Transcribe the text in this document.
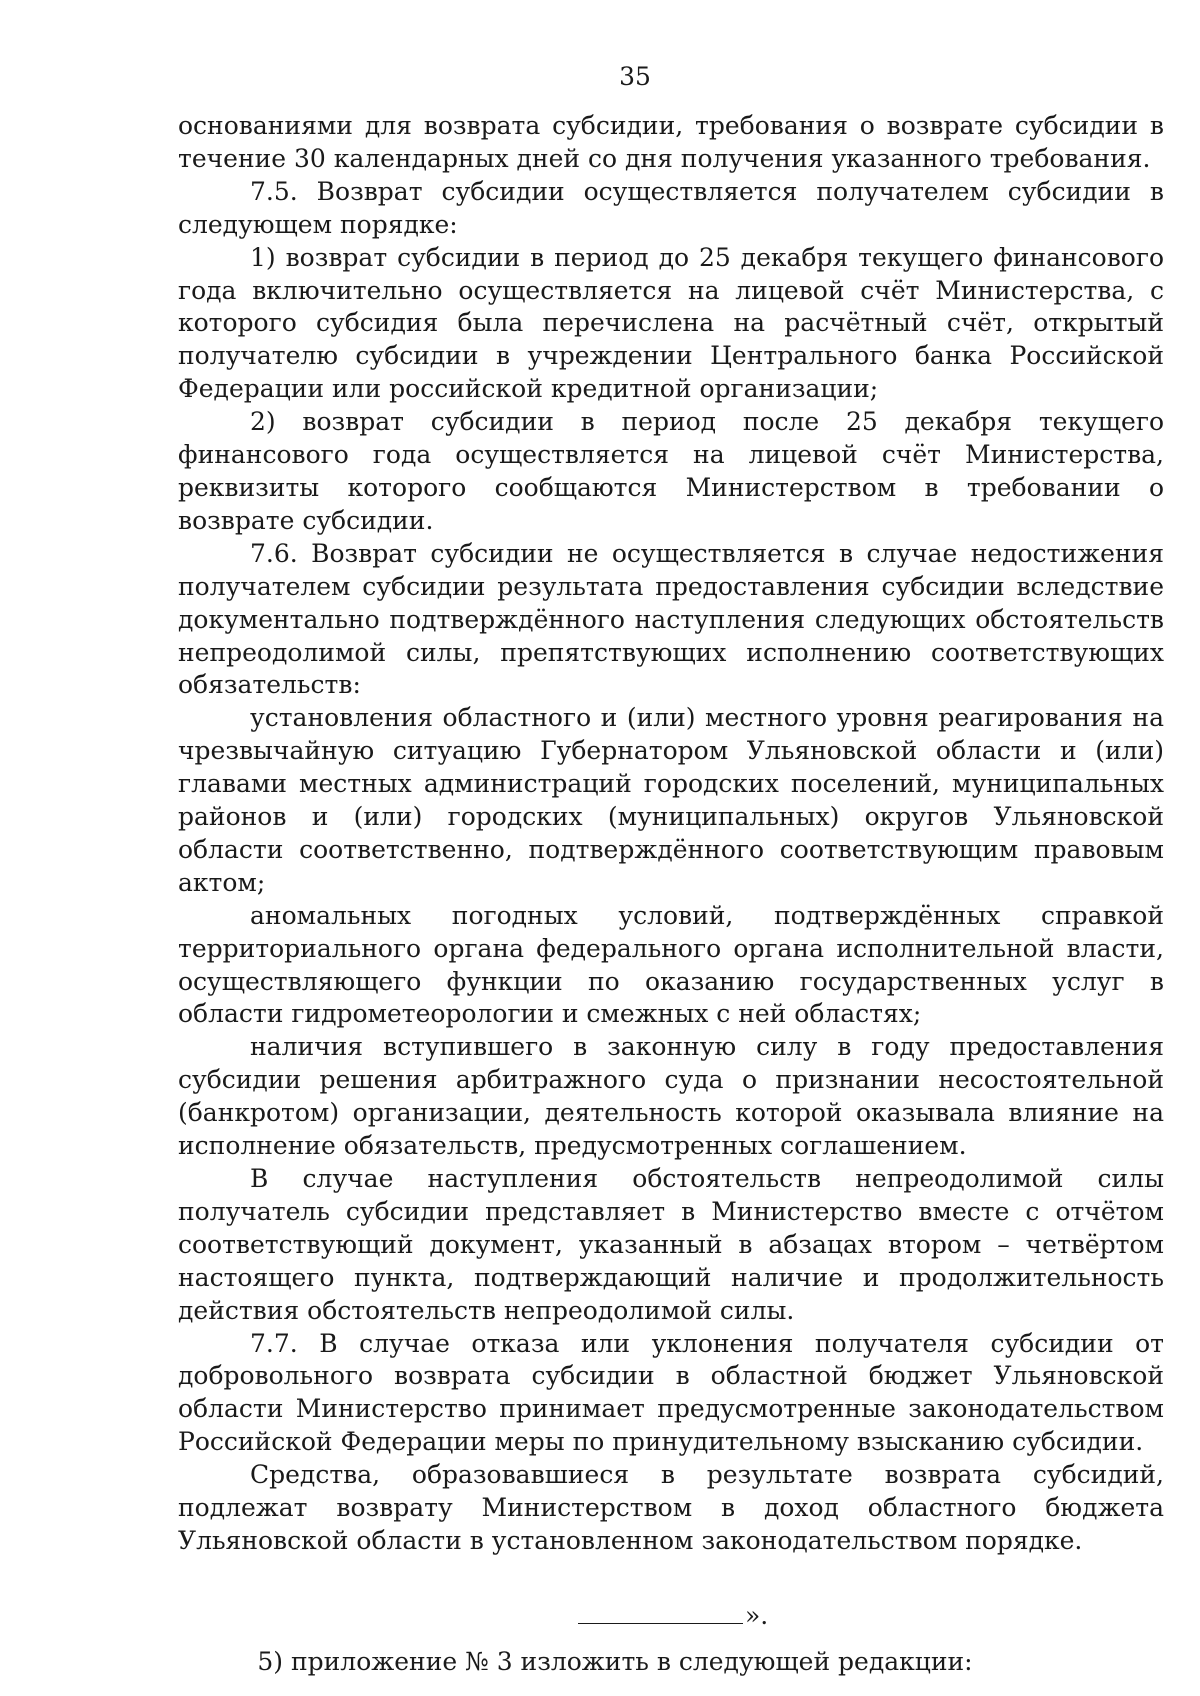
35

основаниями для возврата субсидии, требования о возврате субсидии в течение 30 календарных дней со дня получения указанного требования.

7.5. Возврат субсидии осуществляется получателем субсидии в следующем порядке:

1) возврат субсидии в период до 25 декабря текущего финансового года включительно осуществляется на лицевой счёт Министерства, с которого субсидия была перечислена на расчётный счёт, открытый получателю субсидии в учреждении Центрального банка Российской Федерации или российской кредитной организации;

2) возврат субсидии в период после 25 декабря текущего финансового года осуществляется на лицевой счёт Министерства, реквизиты которого сообщаются Министерством в требовании о возврате субсидии.

7.6. Возврат субсидии не осуществляется в случае недостижения получателем субсидии результата предоставления субсидии вследствие документально подтверждённого наступления следующих обстоятельств непреодолимой силы, препятствующих исполнению соответствующих обязательств:

установления областного и (или) местного уровня реагирования на чрезвычайную ситуацию Губернатором Ульяновской области и (или) главами местных администраций городских поселений, муниципальных районов и (или) городских (муниципальных) округов Ульяновской области соответственно, подтверждённого соответствующим правовым актом;

аномальных погодных условий, подтверждённых справкой территориального органа федерального органа исполнительной власти, осуществляющего функции по оказанию государственных услуг в области гидрометеорологии и смежных с ней областях;

наличия вступившего в законную силу в году предоставления субсидии решения арбитражного суда о признании несостоятельной (банкротом) организации, деятельность которой оказывала влияние на исполнение обязательств, предусмотренных соглашением.

В случае наступления обстоятельств непреодолимой силы получатель субсидии представляет в Министерство вместе с отчётом соответствующий документ, указанный в абзацах втором – четвёртом настоящего пункта, подтверждающий наличие и продолжительность действия обстоятельств непреодолимой силы.

7.7. В случае отказа или уклонения получателя субсидии от добровольного возврата субсидии в областной бюджет Ульяновской области Министерство принимает предусмотренные законодательством Российской Федерации меры по принудительному взысканию субсидии.

Средства, образовавшиеся в результате возврата субсидий, подлежат возврату Министерством в доход областного бюджета Ульяновской области в установленном законодательством порядке.

».
5) приложение № 3 изложить в следующей редакции:
